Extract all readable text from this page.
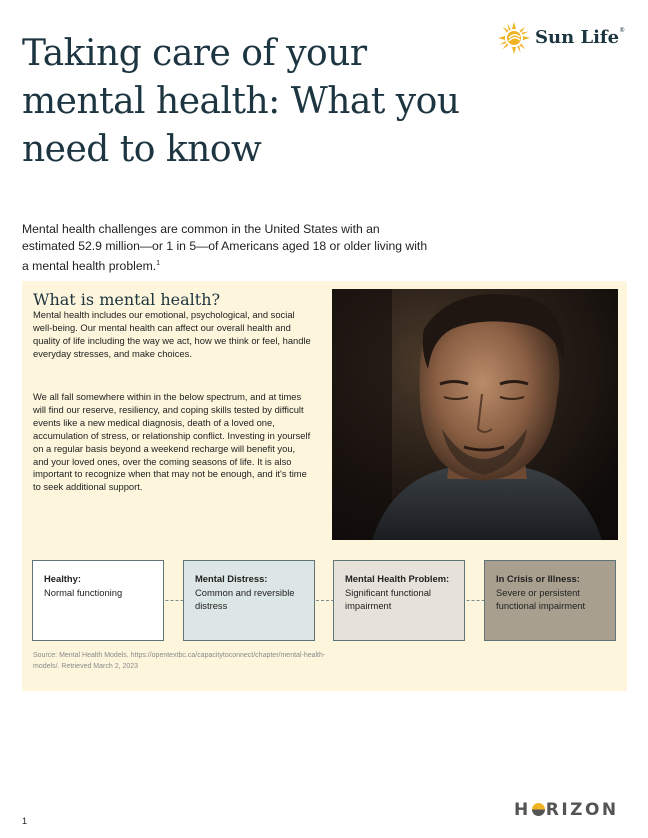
Taking care of your mental health: What you need to know
Sun Life®

Mental health challenges are common in the United States with an estimated 52.9 million—or 1 in 5—of Americans aged 18 or older living with a mental health problem.$^1$

What is mental health?

Mental health includes our emotional, psychological, and social well-being. Our mental health can affect our overall health and quality of life including the way we act, how we think or feel, handle everyday stresses, and make choices.

We all fall somewhere within in the below spectrum, and at times will find our reserve, resiliency, and coping skills tested by difficult events like a new medical diagnosis, death of a loved one, accumulation of stress, or relationship conflict. Investing in yourself on a regular basis beyond a weekend recharge will benefit you, and your loved ones, over the coming seasons of life. It is also important to recognize when that may not be enough, and it's time to seek additional support.

Healthy:
Normal functioning
Mental Distress:
Common and reversible distress
Mental Health Problem:
Significant functional impairment
In Crisis or Illness:
Severe or persistent functional impairment
Source: Mental Health Models. https://opentextbc.ca/capacitytoconnect/chapter/mental-health-models/. Retrieved March 2, 2023
1
H RIZON
